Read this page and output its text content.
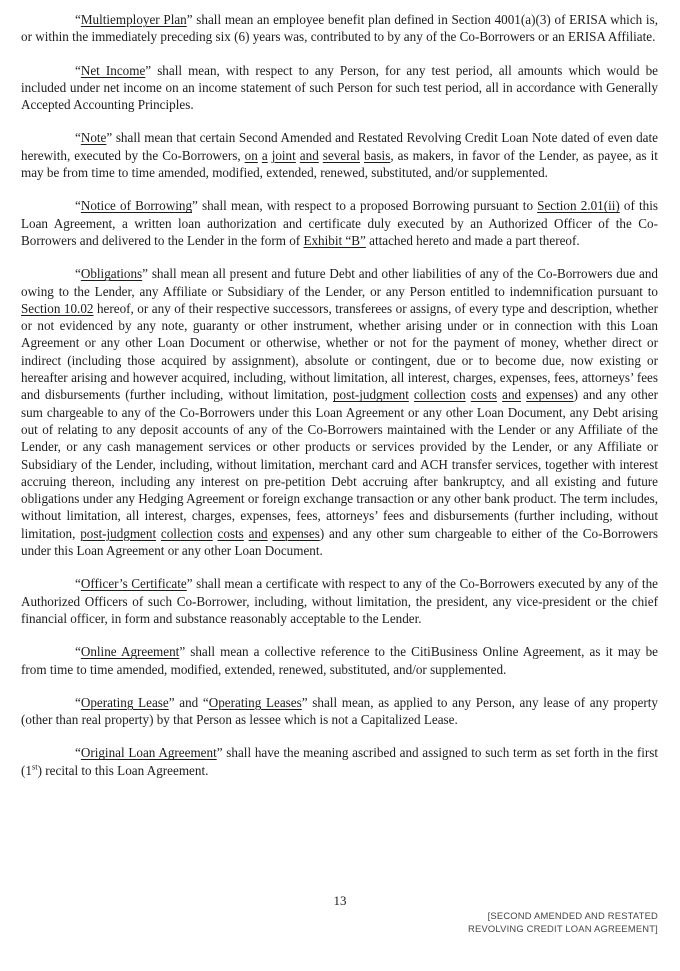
“Multiemployer Plan” shall mean an employee benefit plan defined in Section 4001(a)(3) of ERISA which is, or within the immediately preceding six (6) years was, contributed to by any of the Co-Borrowers or an ERISA Affiliate.

“Net Income” shall mean, with respect to any Person, for any test period, all amounts which would be included under net income on an income statement of such Person for such test period, all in accordance with Generally Accepted Accounting Principles.

“Note” shall mean that certain Second Amended and Restated Revolving Credit Loan Note dated of even date herewith, executed by the Co-Borrowers, on a joint and several basis, as makers, in favor of the Lender, as payee, as it may be from time to time amended, modified, extended, renewed, substituted, and/or supplemented.

“Notice of Borrowing” shall mean, with respect to a proposed Borrowing pursuant to Section 2.01(ii) of this Loan Agreement, a written loan authorization and certificate duly executed by an Authorized Officer of the Co-Borrowers and delivered to the Lender in the form of Exhibit “B” attached hereto and made a part thereof.

“Obligations” shall mean all present and future Debt and other liabilities of any of the Co-Borrowers due and owing to the Lender, any Affiliate or Subsidiary of the Lender, or any Person entitled to indemnification pursuant to Section 10.02 hereof, or any of their respective successors, transferees or assigns, of every type and description, whether or not evidenced by any note, guaranty or other instrument, whether arising under or in connection with this Loan Agreement or any other Loan Document or otherwise, whether or not for the payment of money, whether direct or indirect (including those acquired by assignment), absolute or contingent, due or to become due, now existing or hereafter arising and however acquired, including, without limitation, all interest, charges, expenses, fees, attorneys’ fees and disbursements (further including, without limitation, post-judgment collection costs and expenses) and any other sum chargeable to any of the Co-Borrowers under this Loan Agreement or any other Loan Document, any Debt arising out of relating to any deposit accounts of any of the Co-Borrowers maintained with the Lender or any Affiliate of the Lender, or any cash management services or other products or services provided by the Lender, or any Affiliate or Subsidiary of the Lender, including, without limitation, merchant card and ACH transfer services, together with interest accruing thereon, including any interest on pre-petition Debt accruing after bankruptcy, and all existing and future obligations under any Hedging Agreement or foreign exchange transaction or any other bank product. The term includes, without limitation, all interest, charges, expenses, fees, attorneys’ fees and disbursements (further including, without limitation, post-judgment collection costs and expenses) and any other sum chargeable to either of the Co-Borrowers under this Loan Agreement or any other Loan Document.

“Officer’s Certificate” shall mean a certificate with respect to any of the Co-Borrowers executed by any of the Authorized Officers of such Co-Borrower, including, without limitation, the president, any vice-president or the chief financial officer, in form and substance reasonably acceptable to the Lender.

“Online Agreement” shall mean a collective reference to the CitiBusiness Online Agreement, as it may be from time to time amended, modified, extended, renewed, substituted, and/or supplemented.

“Operating Lease” and “Operating Leases” shall mean, as applied to any Person, any lease of any property (other than real property) by that Person as lessee which is not a Capitalized Lease.

“Original Loan Agreement” shall have the meaning ascribed and assigned to such term as set forth in the first (1st) recital to this Loan Agreement.

13
[SECOND AMENDED AND RESTATED
REVOLVING CREDIT LOAN AGREEMENT]
